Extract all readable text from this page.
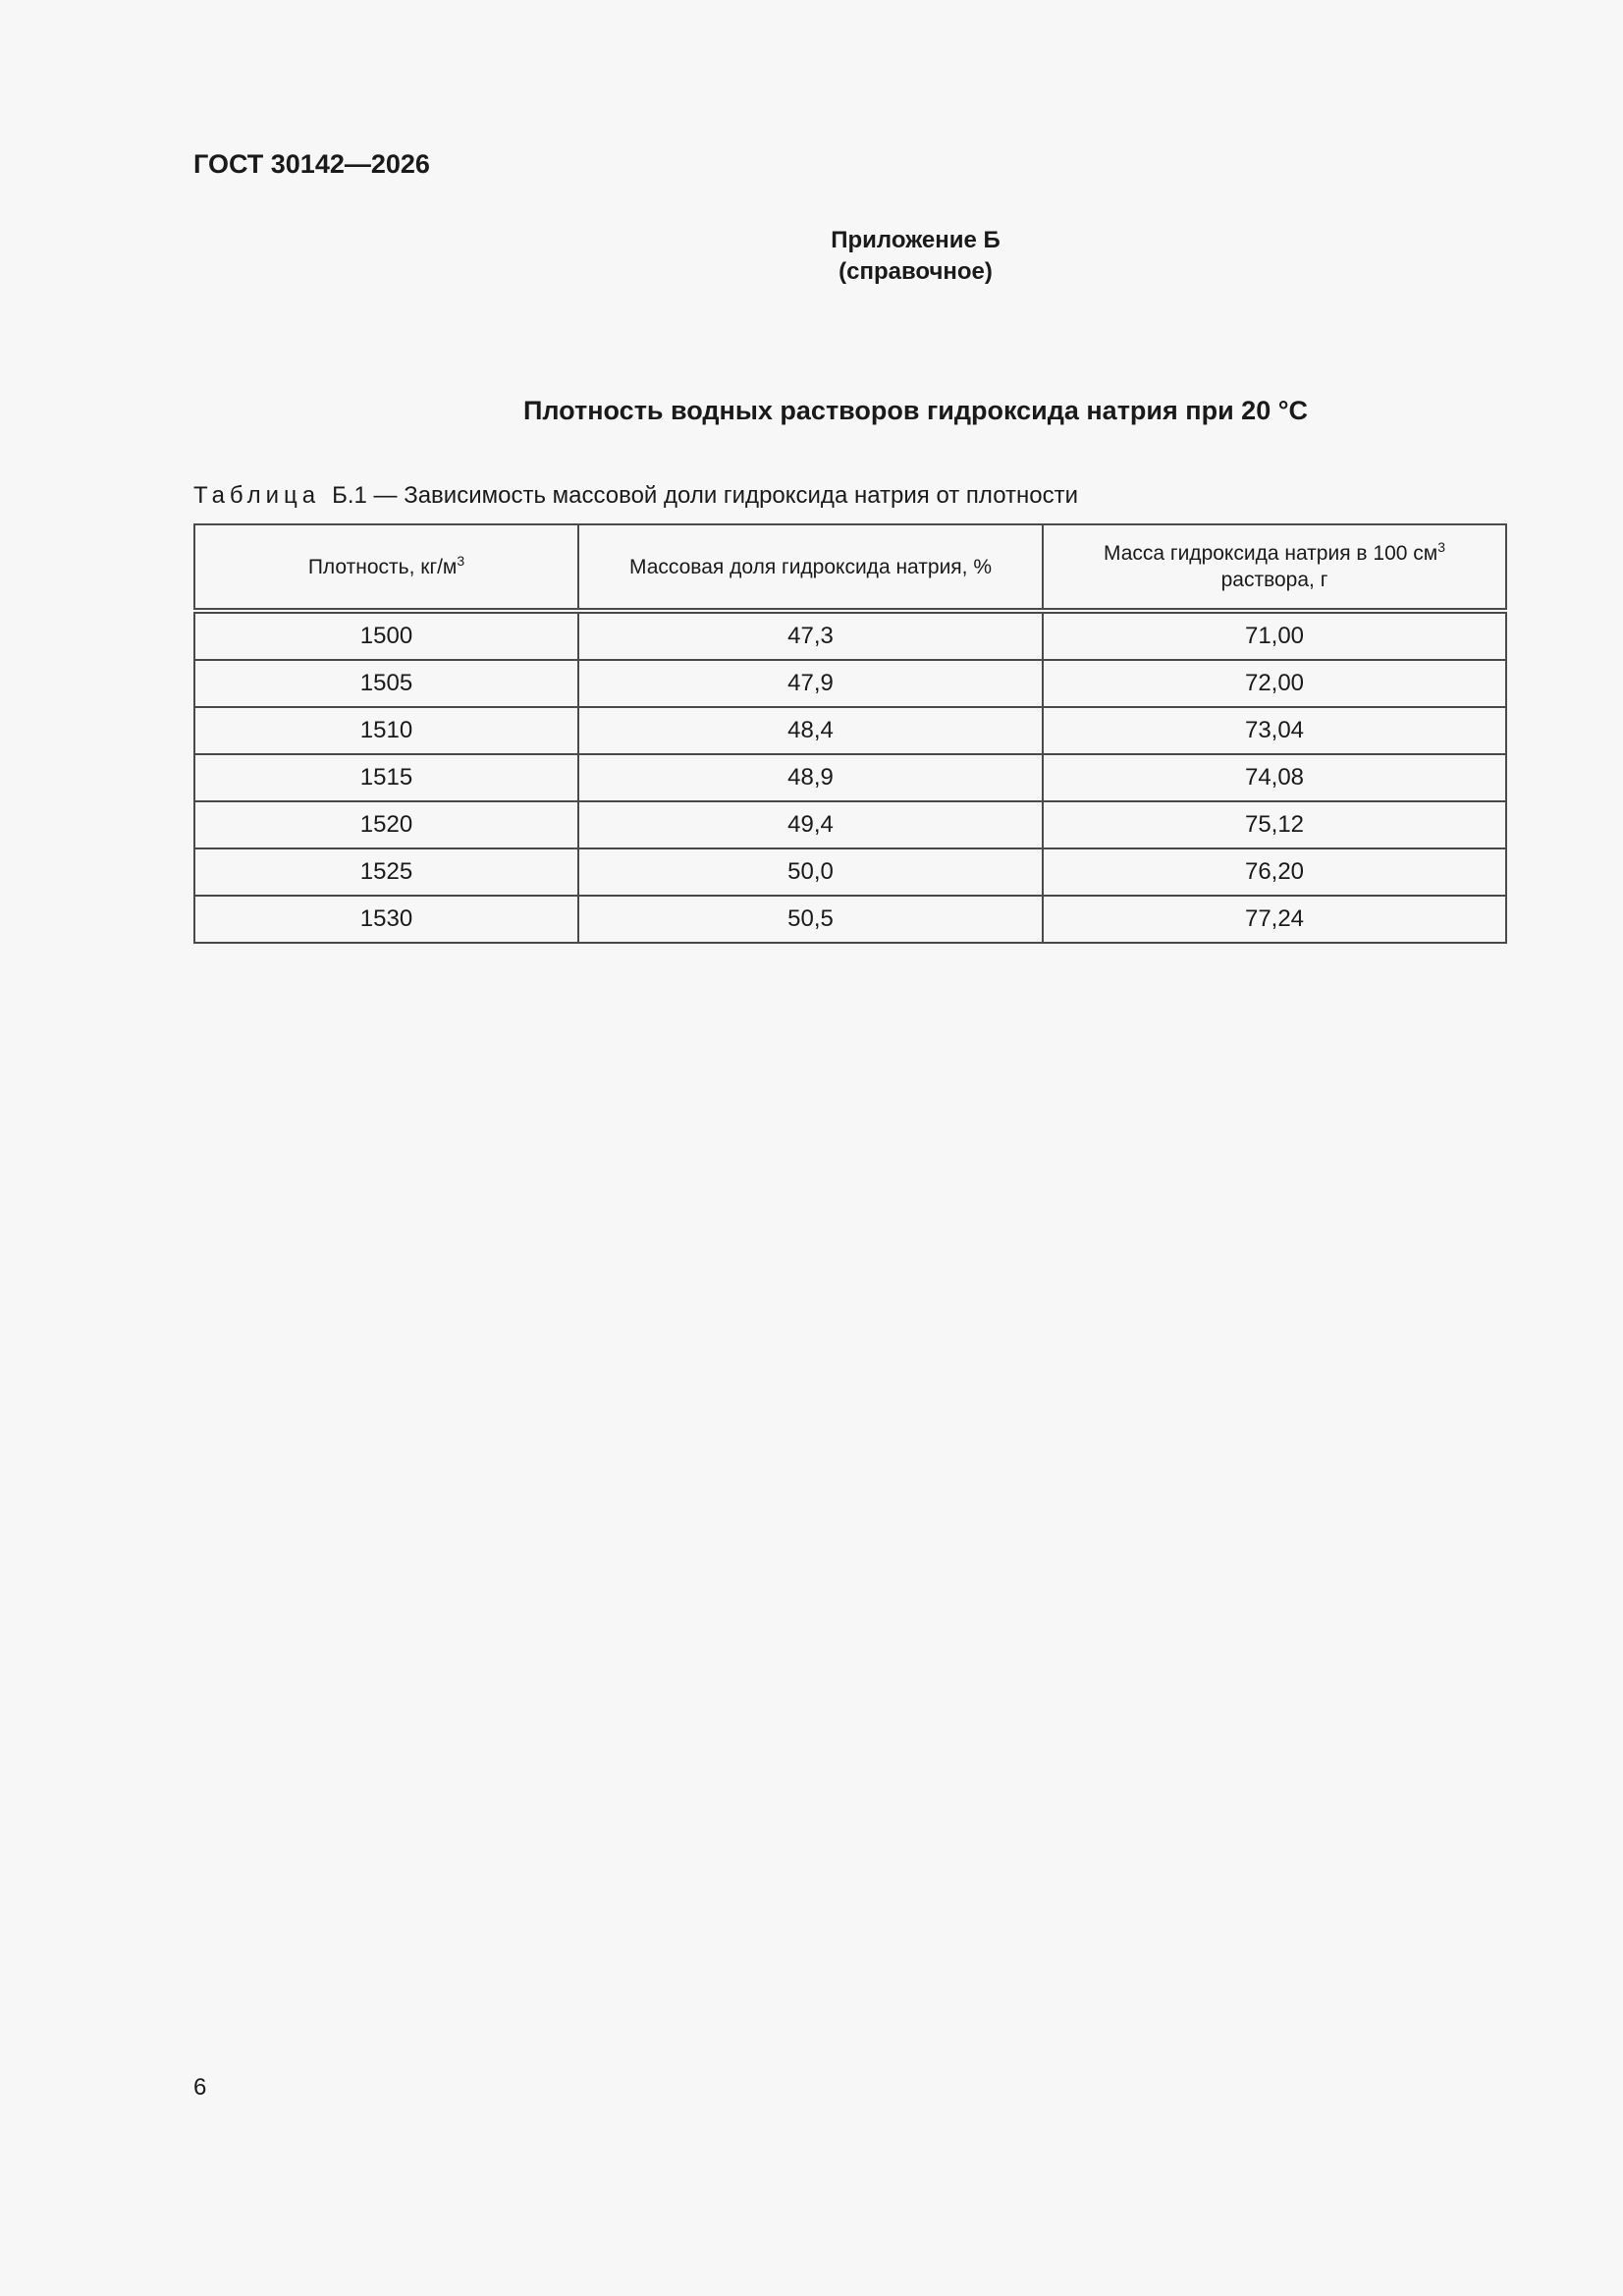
ГОСТ 30142—2026
Приложение Б
(справочное)
Плотность водных растворов гидроксида натрия при 20 °С
Таблица Б.1 — Зависимость массовой доли гидроксида натрия от плотности
Плотность, $кг/м^3$	Массовая доля гидроксида натрия, %	Масса гидроксида натрия в 100 $см^3$
раствора, г
1500	47,3	71,00
1505	47,9	72,00
1510	48,4	73,04
1515	48,9	74,08
1520	49,4	75,12
1525	50,0	76,20
1530	50,5	77,24
6
